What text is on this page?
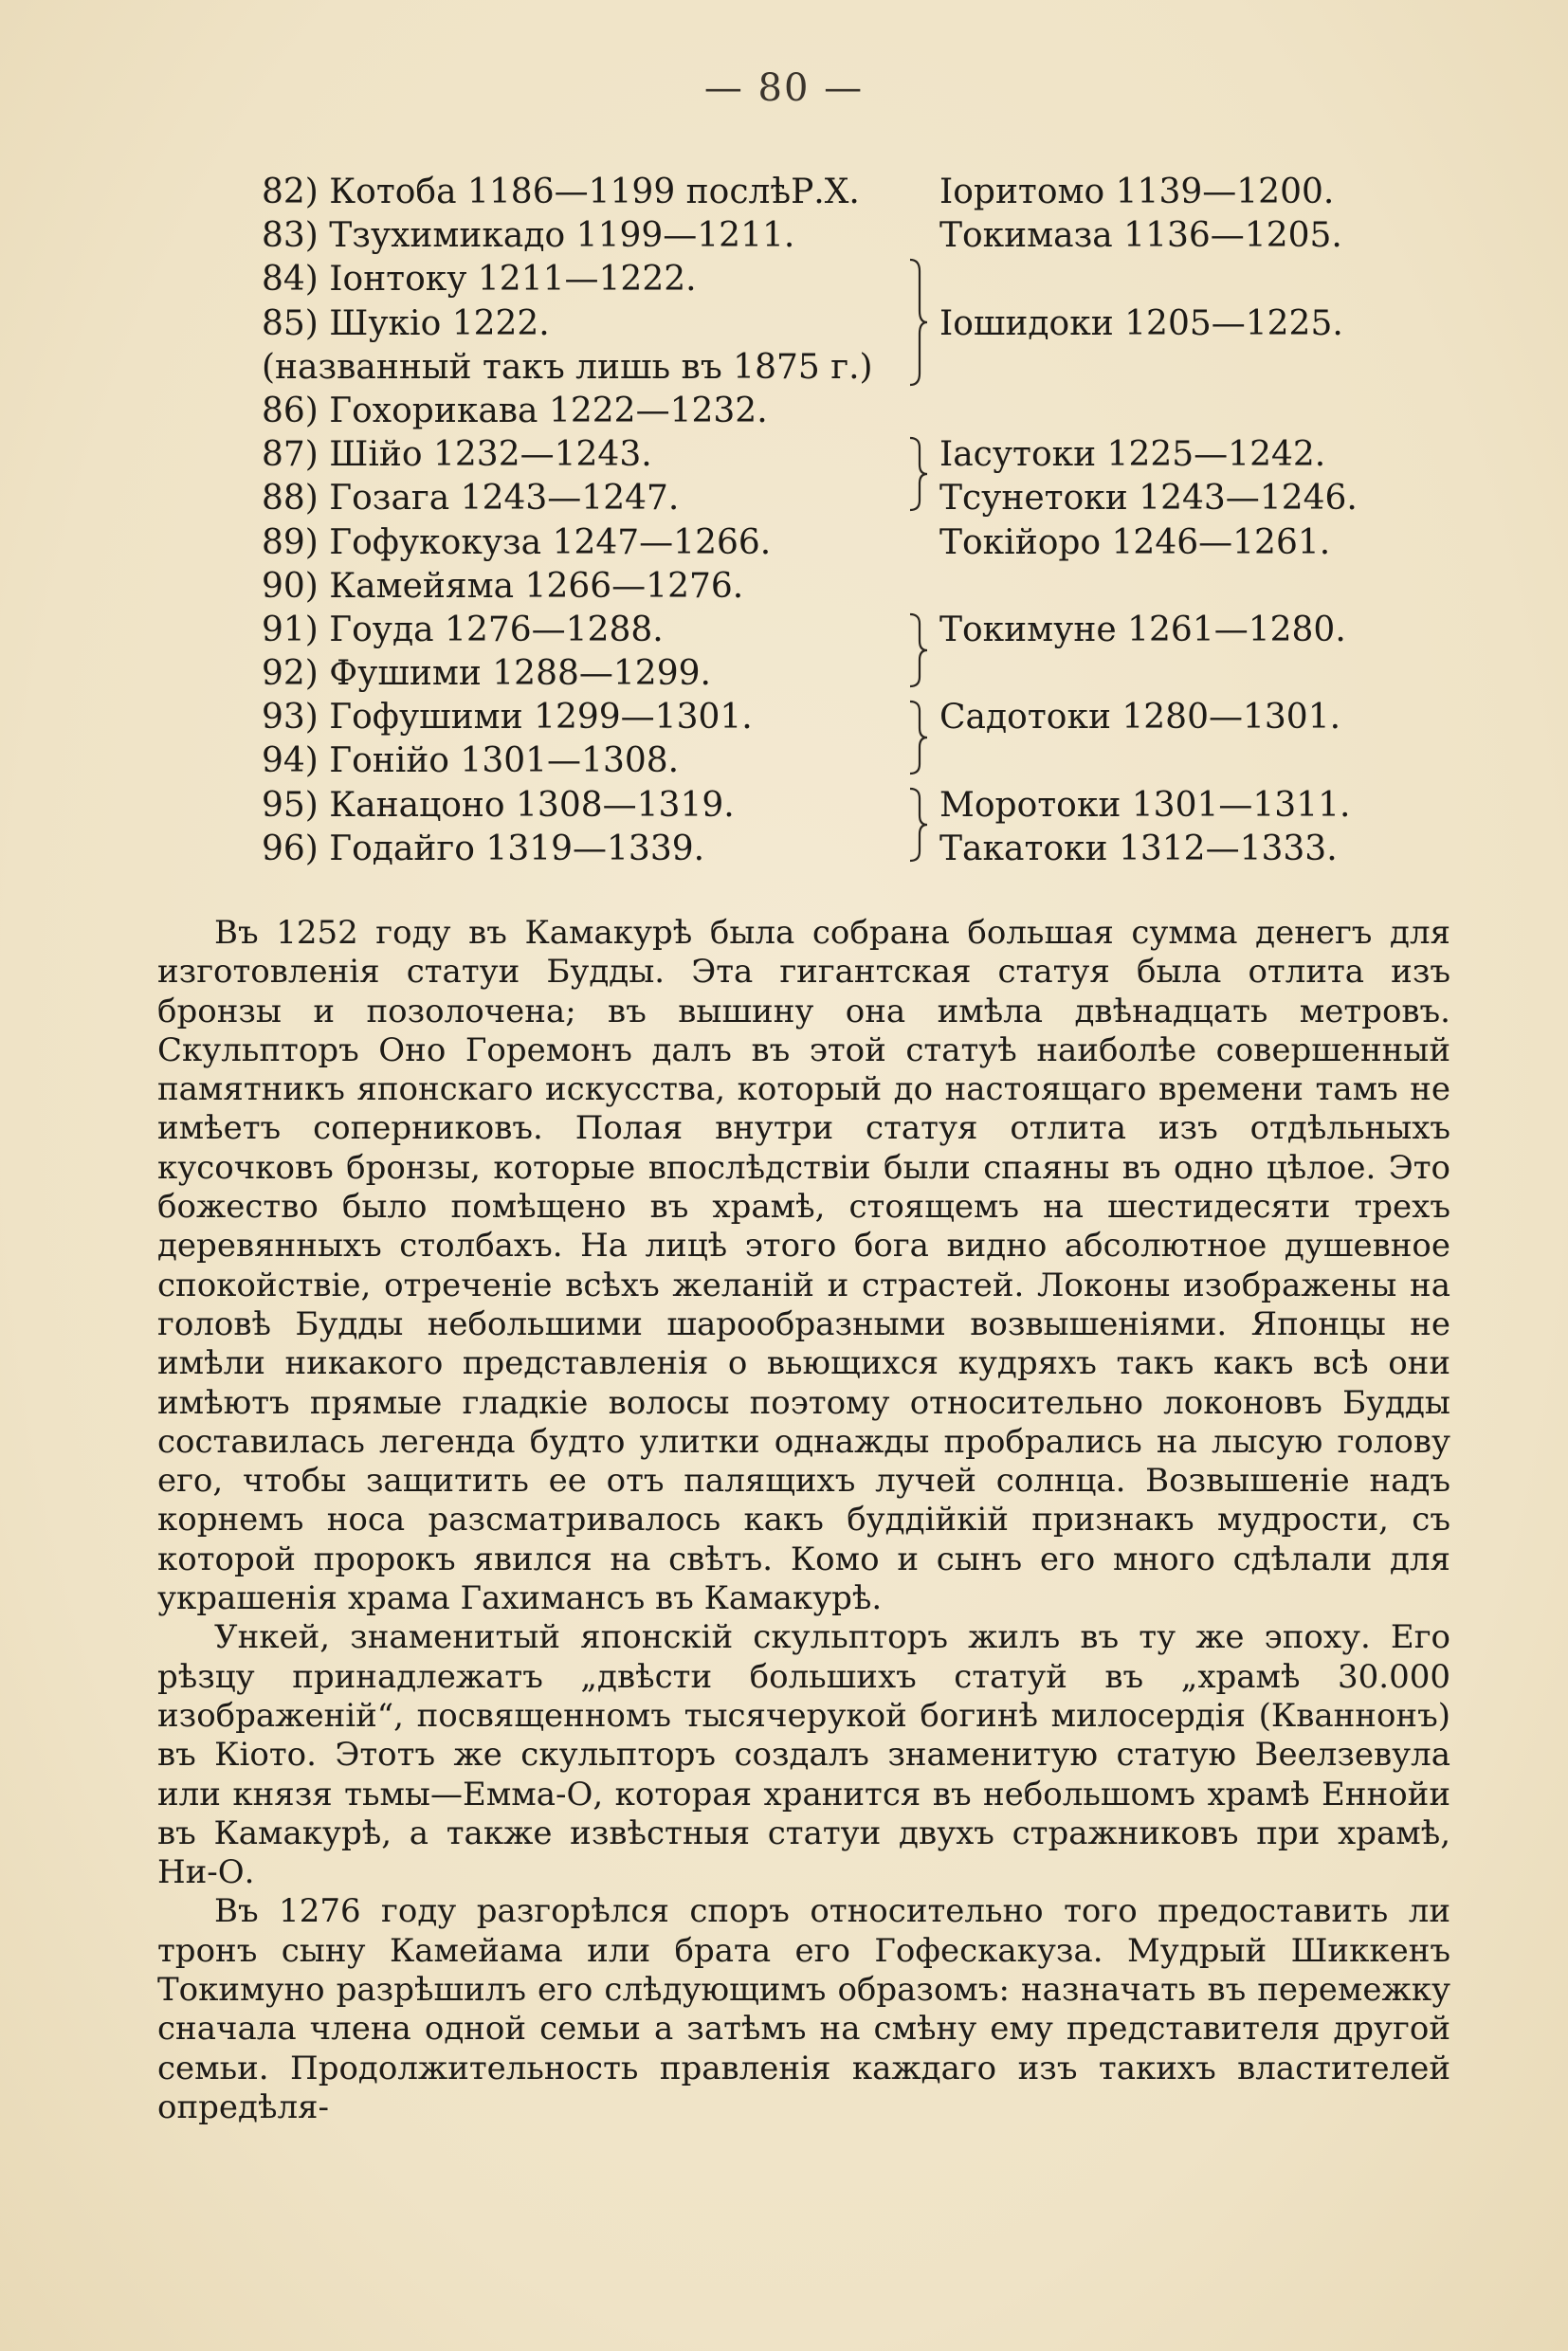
— 80 —
82) Котоба 1186—1199 послѣР.Х. Іоритомо 1139—1200.
83) Тзухимикадо 1199—1211.	Токимаза 1136—1205.
84) Іонтоку 1211—1222.
85) Шукіо 1222.	Іошидоки 1205—1225.
(названный такъ лишь въ 1875 г.)
86) Гохорикава 1222—1232.
87) Шійо 1232—1243.	Іасутоки 1225—1242.
88) Гозага 1243—1247.	Тсунетоки 1243—1246.
89) Гофукокуза 1247—1266.	Токійоро 1246—1261.
90) Камейяма 1266—1276.
91) Гоуда 1276—1288.	Токимуне 1261—1280.
92) Фушими 1288—1299.
93) Гофушими 1299—1301.	Садотоки 1280—1301.
94) Гонійо 1301—1308.
95) Канацоно 1308—1319.	Моротоки 1301—1311.
96) Годайго 1319—1339.	Такатоки 1312—1333.

Въ 1252 году въ Камакурѣ была собрана большая сумма денегъ для изготовленія статуи Будды. Эта гигантская статуя была отлита изъ бронзы и позолочена; въ вышину она имѣла двѣнадцать метровъ. Скульпторъ Оно Горемонъ далъ въ этой статуѣ наиболѣе совершенный памятникъ японскаго искусства, который до настоящаго времени тамъ не имѣетъ соперниковъ. Полая внутри статуя отлита изъ отдѣльныхъ кусочковъ бронзы, которые впослѣдствіи были спаяны въ одно цѣлое. Это божество было помѣщено въ храмѣ, стоящемъ на шестидесяти трехъ деревянныхъ столбахъ. На лицѣ этого бога видно абсолютное душевное спокойствіе, отреченіе всѣхъ желаній и страстей. Локоны изображены на головѣ Будды небольшими шарообразными возвышеніями. Японцы не имѣли никакого представленія о вьющихся кудряхъ такъ какъ всѣ они имѣютъ прямые гладкіе волосы поэтому относительно локоновъ Будды составилась легенда будто улитки однажды пробрались на лысую голову его, чтобы защитить ее отъ палящихъ лучей солнца. Возвышеніе надъ корнемъ носа разсматривалось какъ буддійкій признакъ мудрости, съ которой пророкъ явился на свѣтъ. Комо и сынъ его много сдѣлали для украшенія храма Гахимансъ въ Камакурѣ.

Ункей, знаменитый японскій скульпторъ жилъ въ ту же эпоху. Его рѣзцу принадлежатъ „двѣсти большихъ статуй въ „храмѣ 30.000 изображеній“, посвященномъ тысячерукой богинѣ милосердія (Кваннонъ) въ Кіото. Этотъ же скульпторъ создалъ знаменитую статую Веелзевула или князя тьмы—Емма-О, которая хранится въ небольшомъ храмѣ Еннойи въ Камакурѣ, а также извѣстныя статуи двухъ стражниковъ при храмѣ, Ни-О.

Въ 1276 году разгорѣлся споръ относительно того предоставить ли тронъ сыну Камейама или брата его Гофескакуза. Мудрый Шиккенъ Токимуно разрѣшилъ его слѣдующимъ образомъ: назначать въ перемежку сначала члена одной семьи а затѣмъ на смѣну ему представителя другой семьи. Продолжительность правленія каждаго изъ такихъ властителей опредѣля-
